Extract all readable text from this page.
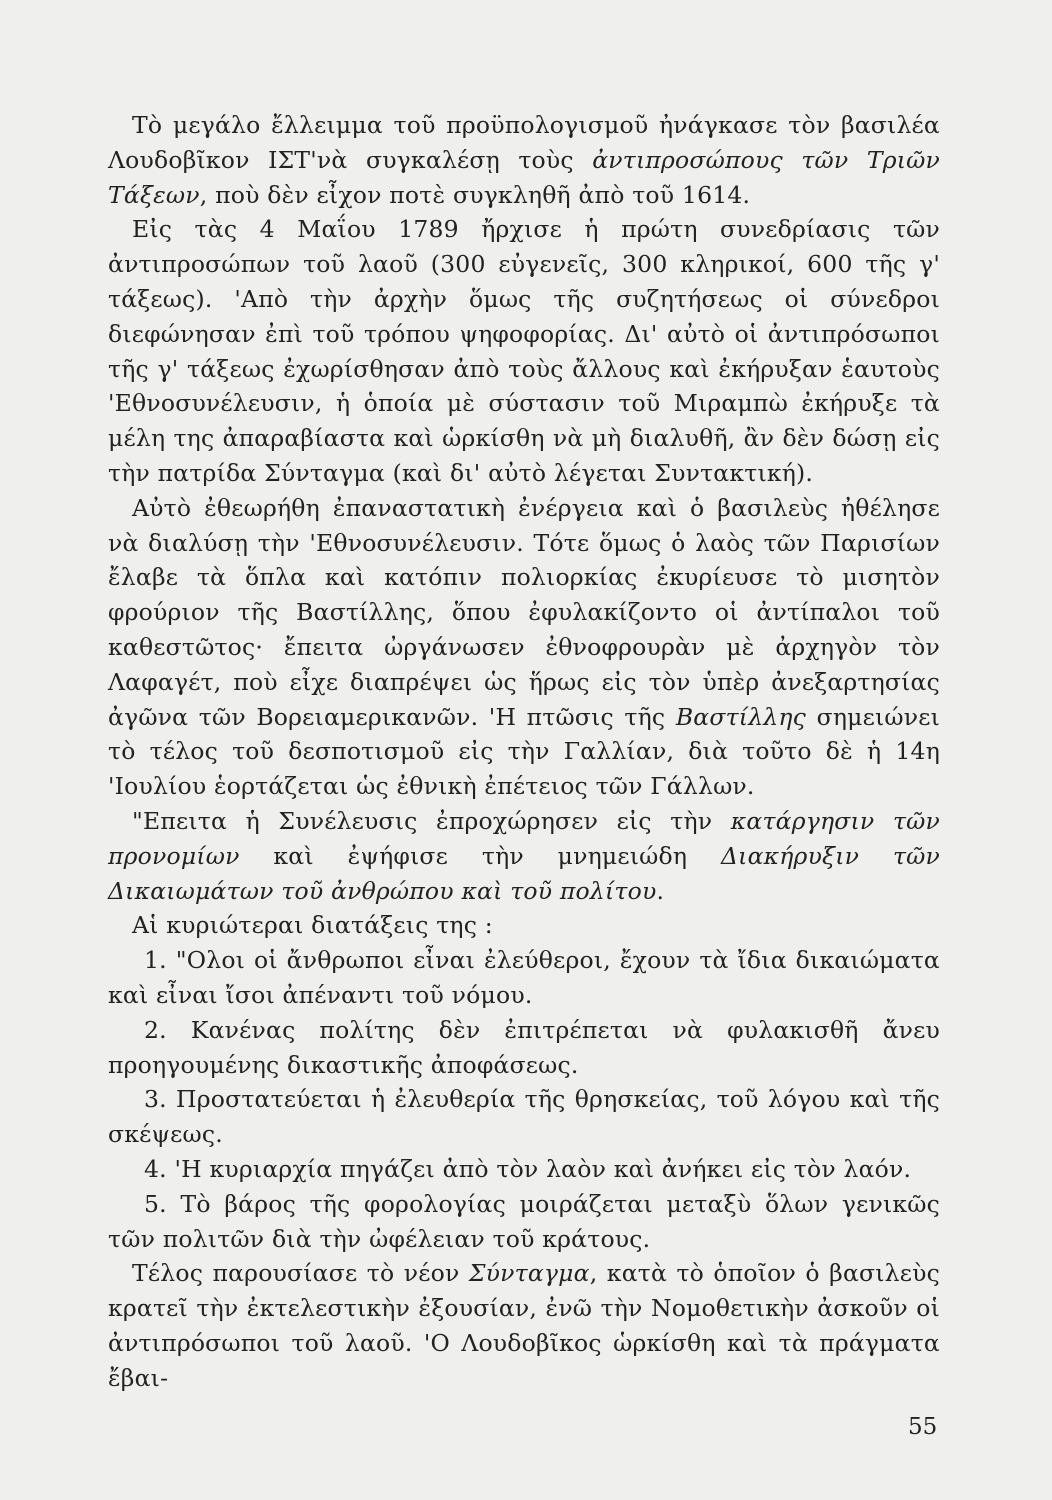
Τὸ μεγάλο ἔλλειμμα τοῦ προϋπολογισμοῦ ἠνάγκασε τὸν βασιλέα Λουδοβῖκον ΙΣΤ'νὰ συγκαλέσῃ τοὺς ἀντιπροσώπους τῶν Τριῶν Τάξεων, ποὺ δὲν εἶχον ποτὲ συγκληθῆ ἀπὸ τοῦ 1614.

Εἰς τὰς 4 Μαΐου 1789 ἤρχισε ἡ πρώτη συνεδρίασις τῶν ἀντιπροσώπων τοῦ λαοῦ (300 εὐγενεῖς, 300 κληρικοί, 600 τῆς γ' τάξεως). 'Απὸ τὴν ἀρχὴν ὅμως τῆς συζητήσεως οἱ σύνεδροι διεφώνησαν ἐπὶ τοῦ τρόπου ψηφοφορίας. Δι' αὐτὸ οἱ ἀντιπρόσωποι τῆς γ' τάξεως ἐχωρίσθησαν ἀπὸ τοὺς ἄλλους καὶ ἐκήρυξαν ἑαυτοὺς 'Εθνοσυνέλευσιν, ἡ ὁποία μὲ σύστασιν τοῦ Μιραμπὼ ἐκήρυξε τὰ μέλη της ἀπαραβίαστα καὶ ὡρκίσθη νὰ μὴ διαλυθῆ, ἂν δὲν δώσῃ εἰς τὴν πατρίδα Σύνταγμα (καὶ δι' αὐτὸ λέγεται Συντακτική).

Αὐτὸ ἐθεωρήθη ἐπαναστατικὴ ἐνέργεια καὶ ὁ βασιλεὺς ἠθέλησε νὰ διαλύσῃ τὴν 'Εθνοσυνέλευσιν. Τότε ὅμως ὁ λαὸς τῶν Παρισίων ἔλαβε τὰ ὅπλα καὶ κατόπιν πολιορκίας ἐκυρίευσε τὸ μισητὸν φρούριον τῆς Βαστίλλης, ὅπου ἐφυλακίζοντο οἱ ἀντίπαλοι τοῦ καθεστῶτος· ἔπειτα ὠργάνωσεν ἐθνοφρουρὰν μὲ ἀρχηγὸν τὸν Λαφαγέτ, ποὺ εἶχε διαπρέψει ὡς ἥρως εἰς τὸν ὑπὲρ ἀνεξαρτησίας ἀγῶνα τῶν Βορειαμερικανῶν. 'Η πτῶσις τῆς Βαστίλλης σημειώνει τὸ τέλος τοῦ δεσποτισμοῦ εἰς τὴν Γαλλίαν, διὰ τοῦτο δὲ ἡ 14η 'Ιουλίου ἑορτάζεται ὡς ἐθνικὴ ἐπέτειος τῶν Γάλλων.

"Επειτα ἡ Συνέλευσις ἐπροχώρησεν εἰς τὴν κατάργησιν τῶν προνομίων καὶ ἐψήφισε τὴν μνημειώδη Διακήρυξιν τῶν Δικαιωμάτων τοῦ ἀνθρώπου καὶ τοῦ πολίτου.

Αἱ κυριώτεραι διατάξεις της :

1. "Ολοι οἱ ἄνθρωποι εἶναι ἐλεύθεροι, ἔχουν τὰ ἴδια δικαιώματα καὶ εἶναι ἴσοι ἀπέναντι τοῦ νόμου.

2. Κανένας πολίτης δὲν ἐπιτρέπεται νὰ φυλακισθῆ ἄνευ προηγουμένης δικαστικῆς ἀποφάσεως.

3. Προστατεύεται ἡ ἐλευθερία τῆς θρησκείας, τοῦ λόγου καὶ τῆς σκέψεως.

4. 'Η κυριαρχία πηγάζει ἀπὸ τὸν λαὸν καὶ ἀνήκει εἰς τὸν λαόν.

5. Τὸ βάρος τῆς φορολογίας μοιράζεται μεταξὺ ὅλων γενικῶς τῶν πολιτῶν διὰ τὴν ὠφέλειαν τοῦ κράτους.

Τέλος παρουσίασε τὸ νέον Σύνταγμα, κατὰ τὸ ὁποῖον ὁ βασιλεὺς κρατεῖ τὴν ἐκτελεστικὴν ἐξουσίαν, ἐνῶ τὴν Νομοθετικὴν ἀσκοῦν οἱ ἀντιπρόσωποι τοῦ λαοῦ. 'Ο Λουδοβῖκος ὡρκίσθη καὶ τὰ πράγματα ἔβαι-

55
